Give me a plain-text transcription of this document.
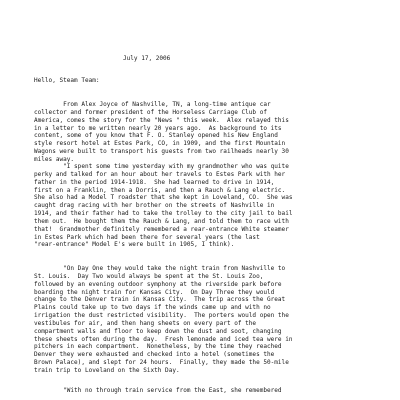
July 17, 2006
Hello, Steam Team:
From Alex Joyce of Nashville, TN, a long-time antique car
collector and former president of the Horseless Carriage Club of
America, comes the story for the "News " this week.  Alex relayed this
in a letter to me written nearly 20 years ago.  As background to its
content, some of you know that F. O. Stanley opened his New England
style resort hotel at Estes Park, CO, in 1909, and the first Mountain
Wagons were built to transport his guests from two railheads nearly 30
miles away.
"I spent some time yesterday with my grandmother who was quite
perky and talked for an hour about her travels to Estes Park with her
father in the period 1914-1918.  She had learned to drive in 1914,
first on a Franklin, then a Dorris, and then a Rauch & Lang electric.
She also had a Model T roadster that she kept in Loveland, CO.  She was
caught drag racing with her brother on the streets of Nashville in
1914, and their father had to take the trolley to the city jail to bail
them out.  He bought them the Rauch & Lang, and told them to race with
that!  Grandmother definitely remembered a rear-entrance White steamer
in Estes Park which had been there for several years (the last
"rear-entrance" Model E's were built in 1905, I think).
"On Day One they would take the night train from Nashville to
St. Louis.  Day Two would always be spent at the St. Louis Zoo,
followed by an evening outdoor symphony at the riverside park before
boarding the night train for Kansas City.  On Day Three they would
change to the Denver train in Kansas City.  The trip across the Great
Plains could take up to two days if the winds came up and with no
irrigation the dust restricted visibility.  The porters would open the
vestibules for air, and then hang sheets on every part of the
compartment walls and floor to keep down the dust and soot, changing
these sheets often during the day.  Fresh lemonade and iced tea were in
pitchers in each compartment.  Nonetheless, by the time they reached
Denver they were exhausted and checked into a hotel (sometimes the
Brown Palace), and slept for 24 hours.  Finally, they made the 50-mile
train trip to Loveland on the Sixth Day.
"With no through train service from the East, she remembered
